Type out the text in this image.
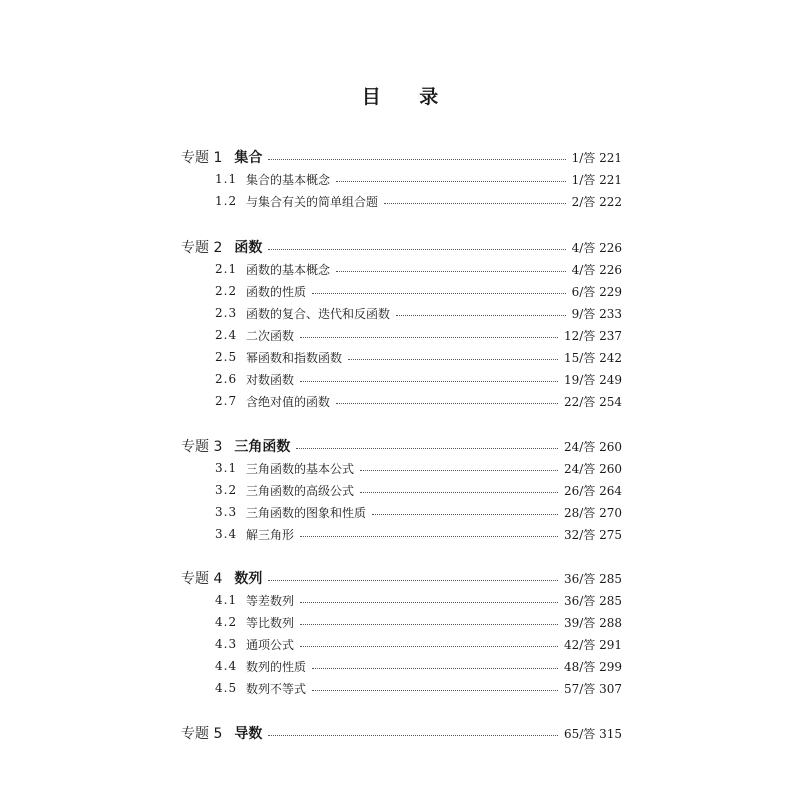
目 录
专题 1 集合	1/答 221
1.1 集合的基本概念	1/答 221
1.2 与集合有关的简单组合题	2/答 222
专题 2 函数	4/答 226
2.1 函数的基本概念	4/答 226
2.2 函数的性质	6/答 229
2.3 函数的复合、迭代和反函数	9/答 233
2.4 二次函数	12/答 237
2.5 幂函数和指数函数	15/答 242
2.6 对数函数	19/答 249
2.7 含绝对值的函数	22/答 254
专题 3 三角函数	24/答 260
3.1 三角函数的基本公式	24/答 260
3.2 三角函数的高级公式	26/答 264
3.3 三角函数的图象和性质	28/答 270
3.4 解三角形	32/答 275
专题 4 数列	36/答 285
4.1 等差数列	36/答 285
4.2 等比数列	39/答 288
4.3 通项公式	42/答 291
4.4 数列的性质	48/答 299
4.5 数列不等式	57/答 307
专题 5 导数	65/答 315
